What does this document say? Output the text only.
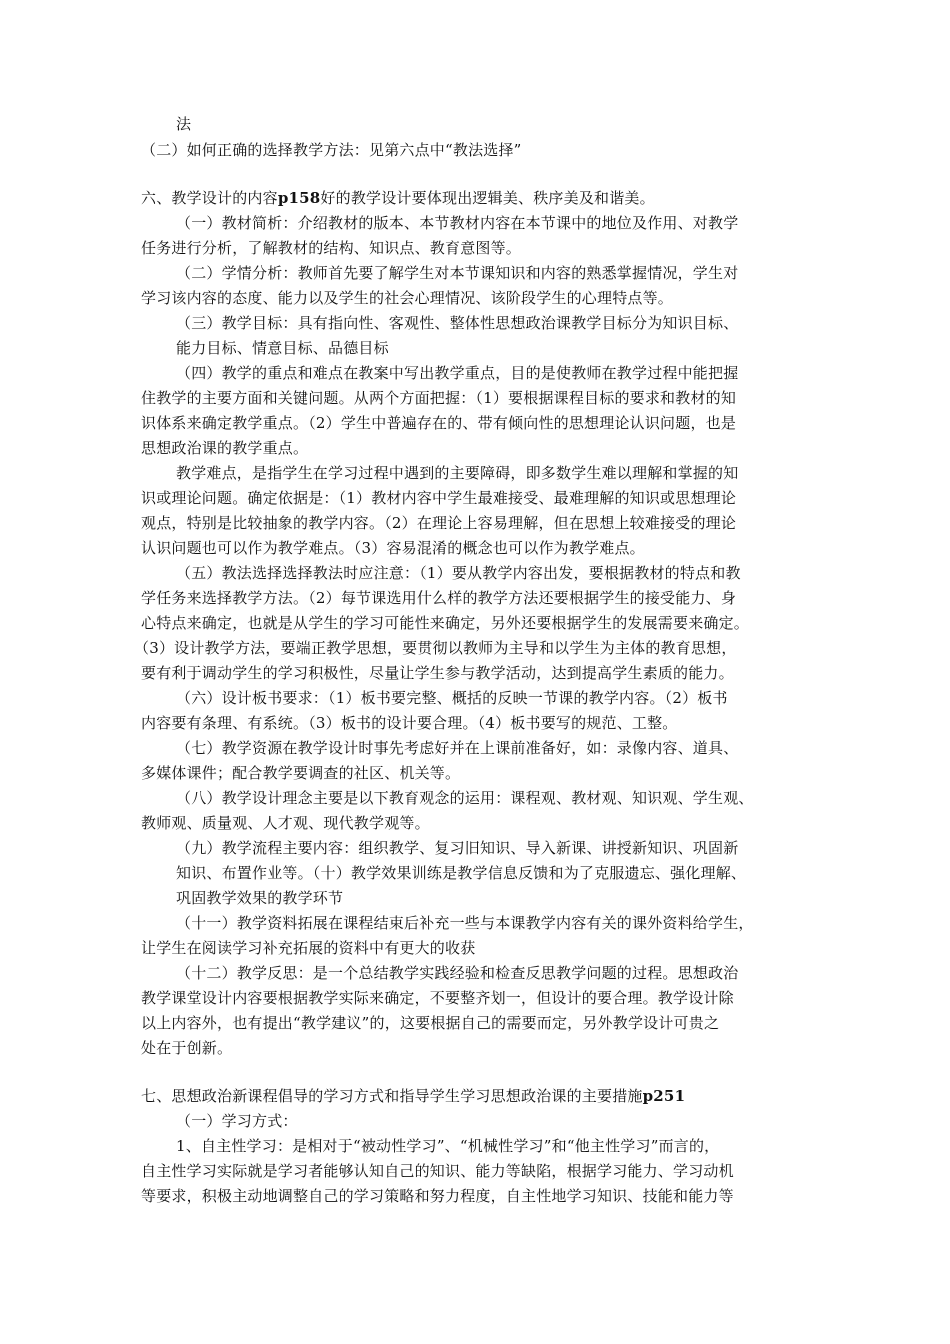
法
（二）如何正确的选择教学方法：见第六点中“教法选择”
六、教学设计的内容p158好的教学设计要体现出逻辑美、秩序美及和谐美。
（一）教材简析：介绍教材的版本、本节教材内容在本节课中的地位及作用、对教学
任务进行分析，了解教材的结构、知识点、教育意图等。
（二）学情分析：教师首先要了解学生对本节课知识和内容的熟悉掌握情况，学生对
学习该内容的态度、能力以及学生的社会心理情况、该阶段学生的心理特点等。
（三）教学目标：具有指向性、客观性、整体性思想政治课教学目标分为知识目标、
能力目标、情意目标、品德目标
（四）教学的重点和难点在教案中写出教学重点，目的是使教师在教学过程中能把握
住教学的主要方面和关键问题。从两个方面把握：（1）要根据课程目标的要求和教材的知
识体系来确定教学重点。（2）学生中普遍存在的、带有倾向性的思想理论认识问题，也是
思想政治课的教学重点。
教学难点，是指学生在学习过程中遇到的主要障碍，即多数学生难以理解和掌握的知
识或理论问题。确定依据是：（1）教材内容中学生最难接受、最难理解的知识或思想理论
观点，特别是比较抽象的教学内容。（2）在理论上容易理解，但在思想上较难接受的理论
认识问题也可以作为教学难点。（3）容易混淆的概念也可以作为教学难点。
（五）教法选择选择教法时应注意：（1）要从教学内容出发，要根据教材的特点和教
学任务来选择教学方法。（2）每节课选用什么样的教学方法还要根据学生的接受能力、身
心特点来确定，也就是从学生的学习可能性来确定，另外还要根据学生的发展需要来确定。
（3）设计教学方法，要端正教学思想，要贯彻以教师为主导和以学生为主体的教育思想，
要有利于调动学生的学习积极性，尽量让学生参与教学活动，达到提高学生素质的能力。
（六）设计板书要求：（1）板书要完整、概括的反映一节课的教学内容。（2）板书
内容要有条理、有系统。（3）板书的设计要合理。（4）板书要写的规范、工整。
（七）教学资源在教学设计时事先考虑好并在上课前准备好，如：录像内容、道具、
多媒体课件；配合教学要调查的社区、机关等。
（八）教学设计理念主要是以下教育观念的运用：课程观、教材观、知识观、学生观、
教师观、质量观、人才观、现代教学观等。
（九）教学流程主要内容：组织教学、复习旧知识、导入新课、讲授新知识、巩固新
知识、布置作业等。（十）教学效果训练是教学信息反馈和为了克服遗忘、强化理解、
巩固教学效果的教学环节
（十一）教学资料拓展在课程结束后补充一些与本课教学内容有关的课外资料给学生，
让学生在阅读学习补充拓展的资料中有更大的收获
（十二）教学反思：是一个总结教学实践经验和检查反思教学问题的过程。思想政治
教学课堂设计内容要根据教学实际来确定，不要整齐划一，但设计的要合理。教学设计除
以上内容外，也有提出“教学建议”的，这要根据自己的需要而定，另外教学设计可贵之
处在于创新。
七、思想政治新课程倡导的学习方式和指导学生学习思想政治课的主要措施p251
（一）学习方式：
1、自主性学习：是相对于“被动性学习”、“机械性学习”和“他主性学习”而言的，
自主性学习实际就是学习者能够认知自己的知识、能力等缺陷，根据学习能力、学习动机
等要求，积极主动地调整自己的学习策略和努力程度，自主性地学习知识、技能和能力等
